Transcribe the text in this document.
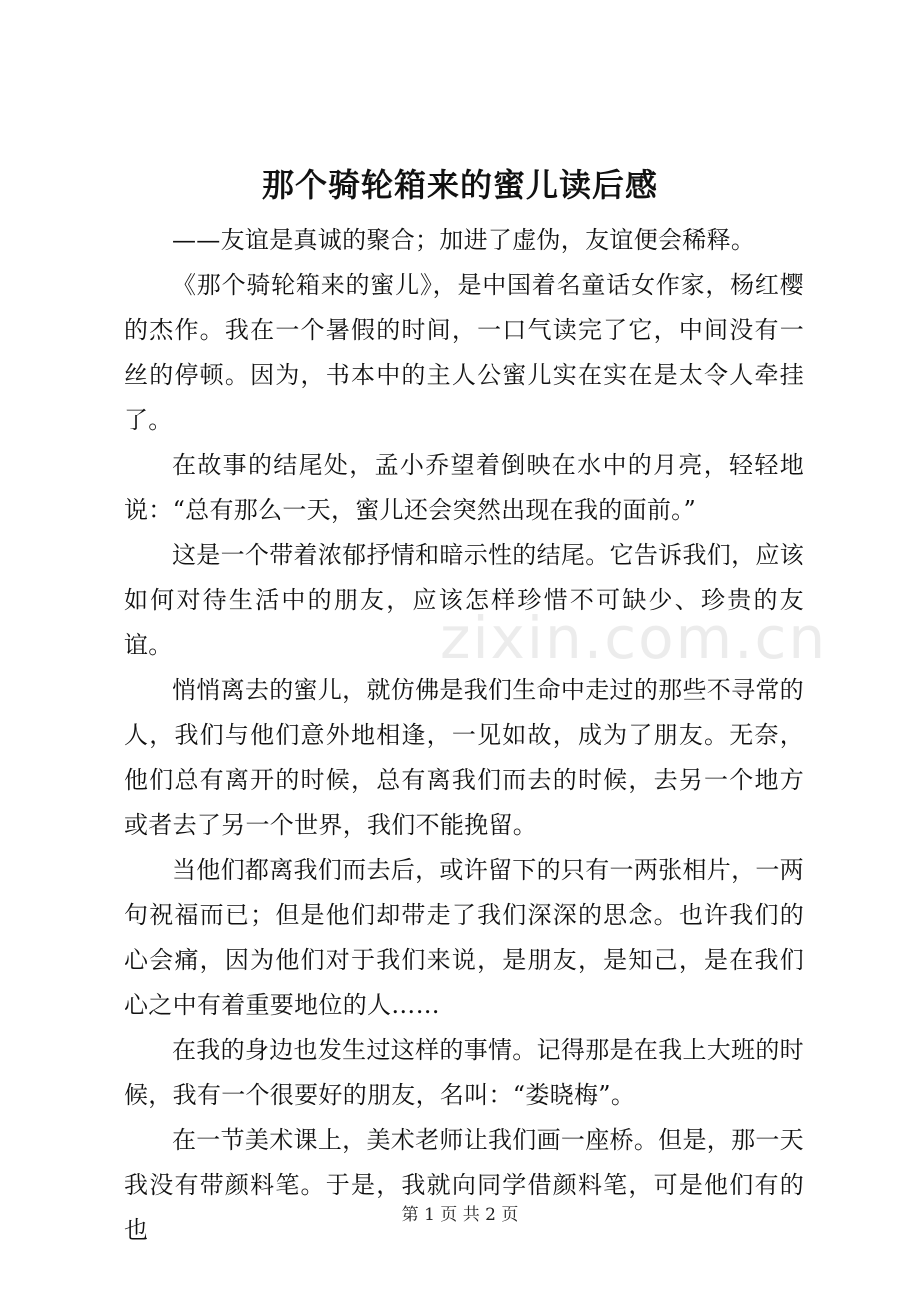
那个骑轮箱来的蜜儿读后感

——友谊是真诚的聚合；加进了虚伪，友谊便会稀释。

《那个骑轮箱来的蜜儿》，是中国着名童话女作家，杨红樱的杰作。我在一个暑假的时间，一口气读完了它，中间没有一丝的停顿。因为，书本中的主人公蜜儿实在实在是太令人牵挂了。

在故事的结尾处，孟小乔望着倒映在水中的月亮，轻轻地说：“总有那么一天，蜜儿还会突然出现在我的面前。”

这是一个带着浓郁抒情和暗示性的结尾。它告诉我们，应该如何对待生活中的朋友，应该怎样珍惜不可缺少、珍贵的友谊。

悄悄离去的蜜儿，就仿佛是我们生命中走过的那些不寻常的人，我们与他们意外地相逢，一见如故，成为了朋友。无奈，他们总有离开的时候，总有离我们而去的时候，去另一个地方或者去了另一个世界，我们不能挽留。

当他们都离我们而去后，或许留下的只有一两张相片，一两句祝福而已；但是他们却带走了我们深深的思念。也许我们的心会痛，因为他们对于我们来说，是朋友，是知己，是在我们心之中有着重要地位的人……

在我的身边也发生过这样的事情。记得那是在我上大班的时候，我有一个很要好的朋友，名叫：“娄晓梅”。

在一节美术课上，美术老师让我们画一座桥。但是，那一天我没有带颜料笔。于是，我就向同学借颜料笔，可是他们有的也

zixin.com.cn
第 1 页 共 2 页
